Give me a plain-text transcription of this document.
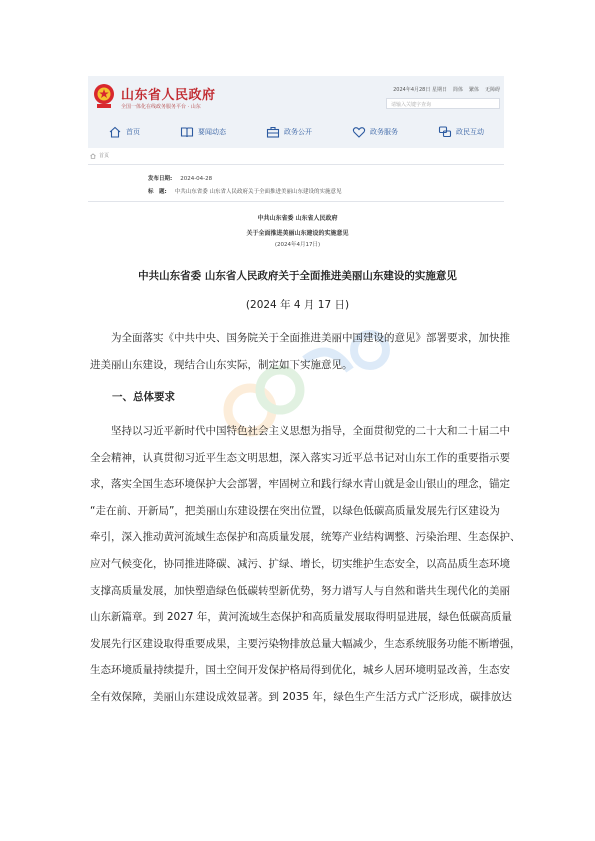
山东省人民政府
全国一体化在线政务服务平台 · 山东
2024年4月28日 星期日 简体 繁体 无障碍
请输入关键字查询
首页	要闻动态	政务公开	政务服务	政民互动
首页
发布日期: 2024-04-28
标　题: 中共山东省委 山东省人民政府关于全面推进美丽山东建设的实施意见
中共山东省委 山东省人民政府
关于全面推进美丽山东建设的实施意见
(2024年4月17日)
中共山东省委 山东省人民政府关于全面推进美丽山东建设的实施意见
(2024 年 4 月 17 日)
为全面落实《中共中央、国务院关于全面推进美丽中国建设的意见》部署要求，加快推
进美丽山东建设，现结合山东实际，制定如下实施意见。
一、总体要求
坚持以习近平新时代中国特色社会主义思想为指导，全面贯彻党的二十大和二十届二中
全会精神，认真贯彻习近平生态文明思想，深入落实习近平总书记对山东工作的重要指示要
求，落实全国生态环境保护大会部署，牢固树立和践行绿水青山就是金山银山的理念，锚定
“走在前、开新局”，把美丽山东建设摆在突出位置，以绿色低碳高质量发展先行区建设为
牵引，深入推动黄河流域生态保护和高质量发展，统筹产业结构调整、污染治理、生态保护、
应对气候变化，协同推进降碳、减污、扩绿、增长，切实维护生态安全，以高品质生态环境
支撑高质量发展，加快塑造绿色低碳转型新优势，努力谱写人与自然和谐共生现代化的美丽
山东新篇章。到 2027 年，黄河流域生态保护和高质量发展取得明显进展，绿色低碳高质量
发展先行区建设取得重要成果，主要污染物排放总量大幅减少，生态系统服务功能不断增强，
生态环境质量持续提升，国土空间开发保护格局得到优化，城乡人居环境明显改善，生态安
全有效保障，美丽山东建设成效显著。到 2035 年，绿色生产生活方式广泛形成，碳排放达
